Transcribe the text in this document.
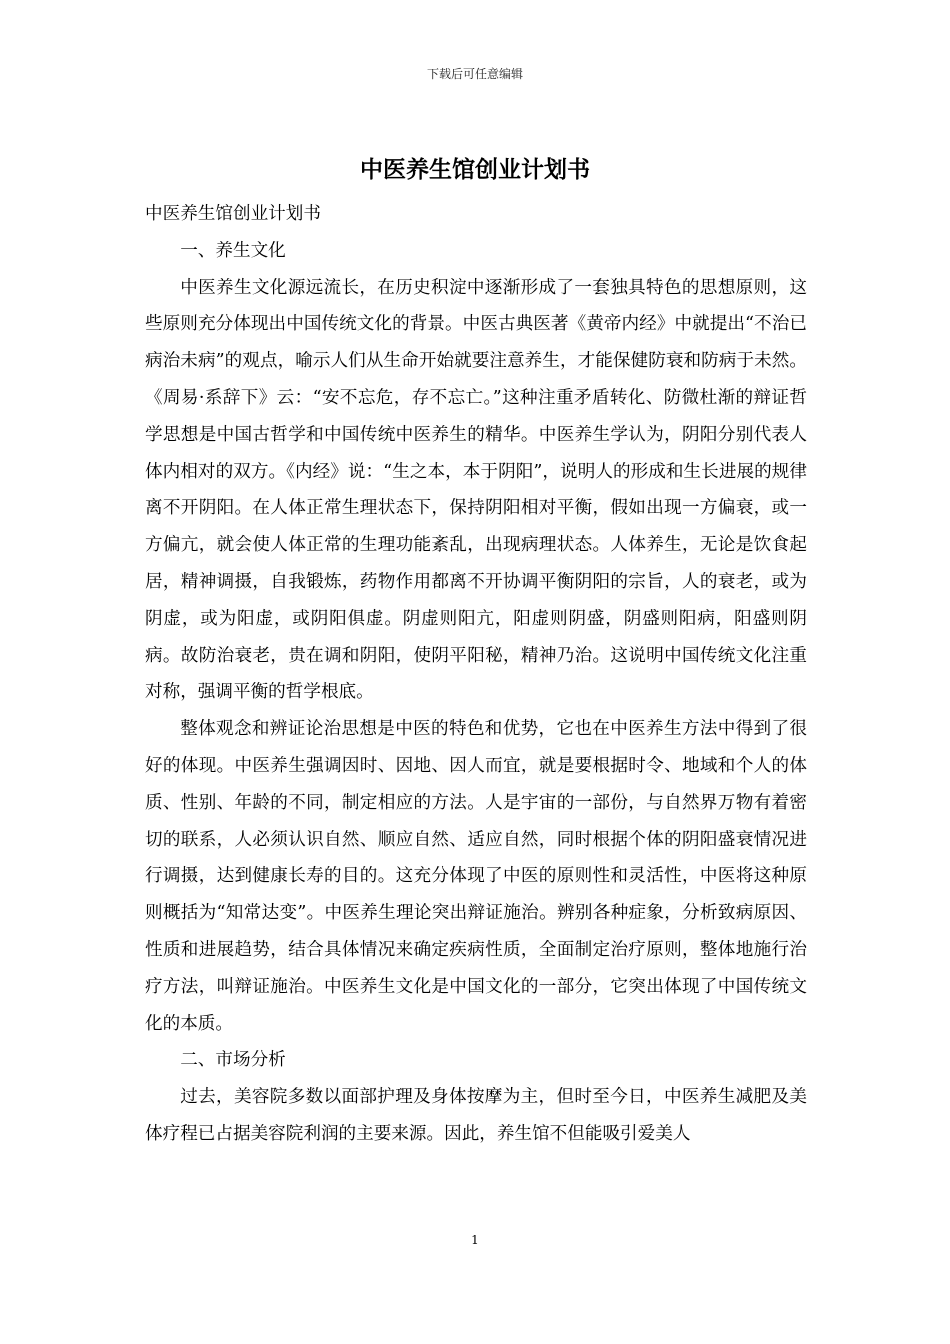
下载后可任意编辑
中医养生馆创业计划书

中医养生馆创业计划书

一、养生文化

中医养生文化源远流长，在历史积淀中逐渐形成了一套独具特色的思想原则，这些原则充分体现出中国传统文化的背景。中医古典医著《黄帝内经》中就提出“不治已病治未病”的观点，喻示人们从生命开始就要注意养生，才能保健防衰和防病于未然。《周易·系辞下》云：“安不忘危，存不忘亡。”这种注重矛盾转化、防微杜渐的辩证哲学思想是中国古哲学和中国传统中医养生的精华。中医养生学认为，阴阳分别代表人体内相对的双方。《内经》说：“生之本，本于阴阳”，说明人的形成和生长进展的规律离不开阴阳。在人体正常生理状态下，保持阴阳相对平衡，假如出现一方偏衰，或一方偏亢，就会使人体正常的生理功能紊乱，出现病理状态。人体养生，无论是饮食起居，精神调摄，自我锻炼，药物作用都离不开协调平衡阴阳的宗旨，人的衰老，或为阴虚，或为阳虚，或阴阳俱虚。阴虚则阳亢，阳虚则阴盛，阴盛则阳病，阳盛则阴病。故防治衰老，贵在调和阴阳，使阴平阳秘，精神乃治。这说明中国传统文化注重对称，强调平衡的哲学根底。

整体观念和辨证论治思想是中医的特色和优势，它也在中医养生方法中得到了很好的体现。中医养生强调因时、因地、因人而宜，就是要根据时令、地域和个人的体质、性别、年龄的不同，制定相应的方法。人是宇宙的一部份，与自然界万物有着密切的联系，人必须认识自然、顺应自然、适应自然，同时根据个体的阴阳盛衰情况进行调摄，达到健康长寿的目的。这充分体现了中医的原则性和灵活性，中医将这种原则概括为“知常达变”。中医养生理论突出辩证施治。辨别各种症象，分析致病原因、性质和进展趋势，结合具体情况来确定疾病性质，全面制定治疗原则，整体地施行治疗方法，叫辩证施治。中医养生文化是中国文化的一部分，它突出体现了中国传统文化的本质。

二、市场分析

过去，美容院多数以面部护理及身体按摩为主，但时至今日，中医养生减肥及美体疗程已占据美容院利润的主要来源。因此，养生馆不但能吸引爱美人

1
